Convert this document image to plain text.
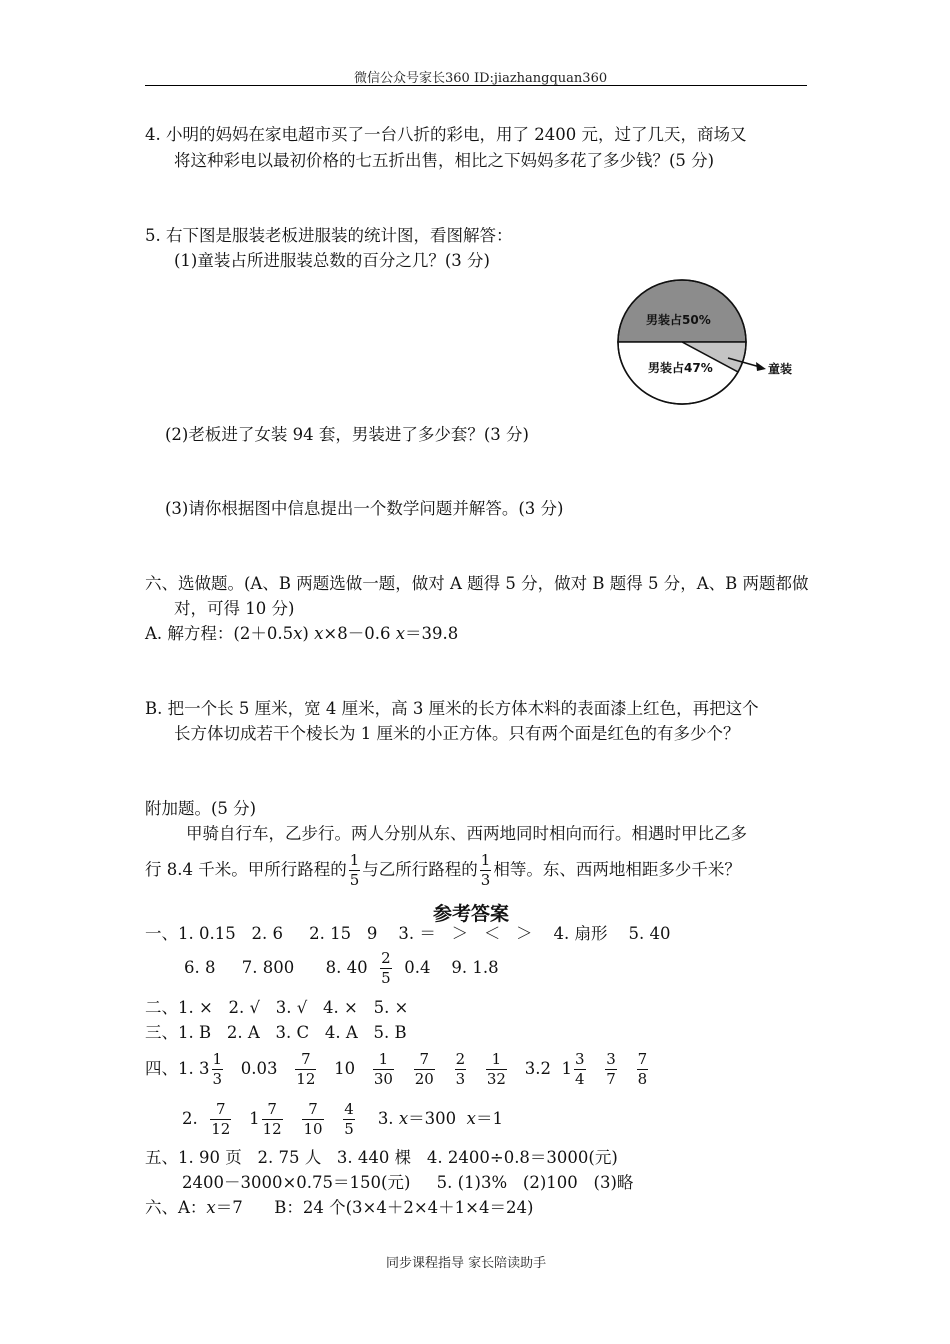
微信公众号家长360 ID:jiazhangquan360
4. 小明的妈妈在家电超市买了一台八折的彩电，用了 2400 元，过了几天，商场又
将这种彩电以最初价格的七五折出售，相比之下妈妈多花了多少钱？(5 分)
5. 右下图是服装老板进服装的统计图，看图解答：
(1)童装占所进服装总数的百分之几？(3 分)
男装占50%
男装占47%	童装
(2)老板进了女装 94 套，男装进了多少套？(3 分)
(3)请你根据图中信息提出一个数学问题并解答。(3 分)
六、选做题。(A、B 两题选做一题，做对 A 题得 5 分，做对 B 题得 5 分，A、B 两题都做
对，可得 10 分)
A. 解方程：(2＋0.5x) x×8－0.6 x＝39.8
B. 把一个长 5 厘米，宽 4 厘米，高 3 厘米的长方体木料的表面漆上红色，再把这个
长方体切成若干个棱长为 1 厘米的小正方体。只有两个面是红色的有多少个？
附加题。(5 分)
甲骑自行车，乙步行。两人分别从东、西两地同时相向而行。相遇时甲比乙多
行 8.4 千米。甲所行路程的 $\frac{1}{5}$ 与乙所行路程的 $\frac{1}{3}$ 相等。东、西两地相距多少千米？
参考答案
一、1. 0.15   2. 6     2. 15   9    3. ＝   ＞   ＜   ＞    4. 扇形    5. 40
6. 8     7. 800      8. $40 \frac{2}{5} 0.4$    9. 1.8
二、1. ×   2. √   3. √   4. ×   5. ×
三、1. B   2. A   3. C   4. A   5. B
四、1. $3 \frac{1}{3} 0.03 \frac{7}{12} 10 \frac{1}{30}$
$\frac{7}{20}$
$\frac{2}{3}$
$\frac{1}{32} 3.2$ $1 \frac{3}{4}$
$\frac{3}{7}$
$\frac{7}{8}$
2. $\frac{7}{12}$
$1 \frac{7}{12}$
$\frac{7}{10}$
$\frac{4}{5} 3$. x＝300 x＝1
五、1. 90 页   2. 75 人   3. 440 棵   4. 2400÷0.8＝3000(元)
2400－3000×0.75＝150(元)     5. (1)3%   (2)100   (3)略
六、A：x＝7      B：24 个(3×4＋2×4＋1×4＝24)
同步课程指导 家长陪读助手
